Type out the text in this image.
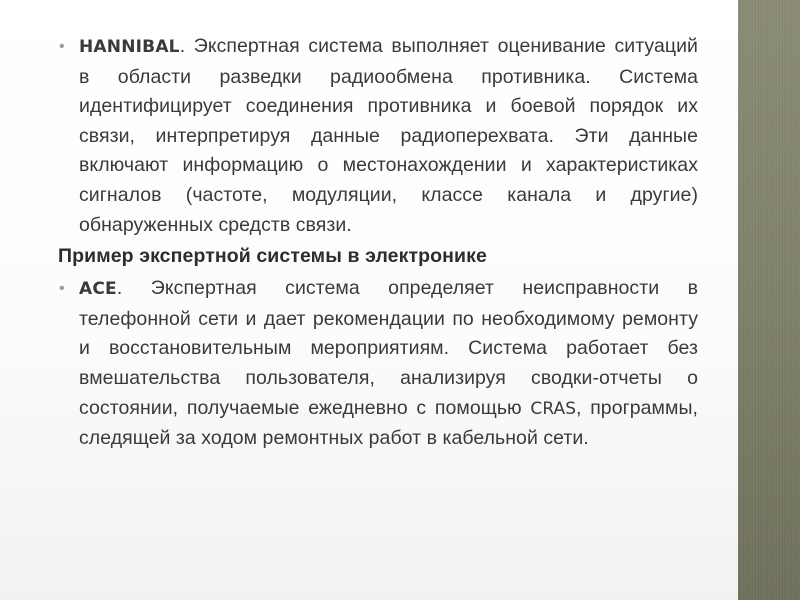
• HANNIBAL. Экспертная система выполняет оценивание ситуаций в области разведки радиообмена противника. Система идентифицирует соединения противника и боевой порядок их связи, интерпретируя данные радиоперехвата. Эти данные включают информацию о местонахождении и характеристиках сигналов (частоте, модуляции, классе канала и другие) обнаруженных средств связи.
Пример экспертной системы в электронике
• ACE. Экспертная система определяет неисправности в телефонной сети и дает рекомендации по необходимому ремонту и восстановительным мероприятиям. Система работает без вмешательства пользователя, анализируя сводки-отчеты о состоянии, получаемые ежедневно с помощью CRAS, программы, следящей за ходом ремонтных работ в кабельной сети.
